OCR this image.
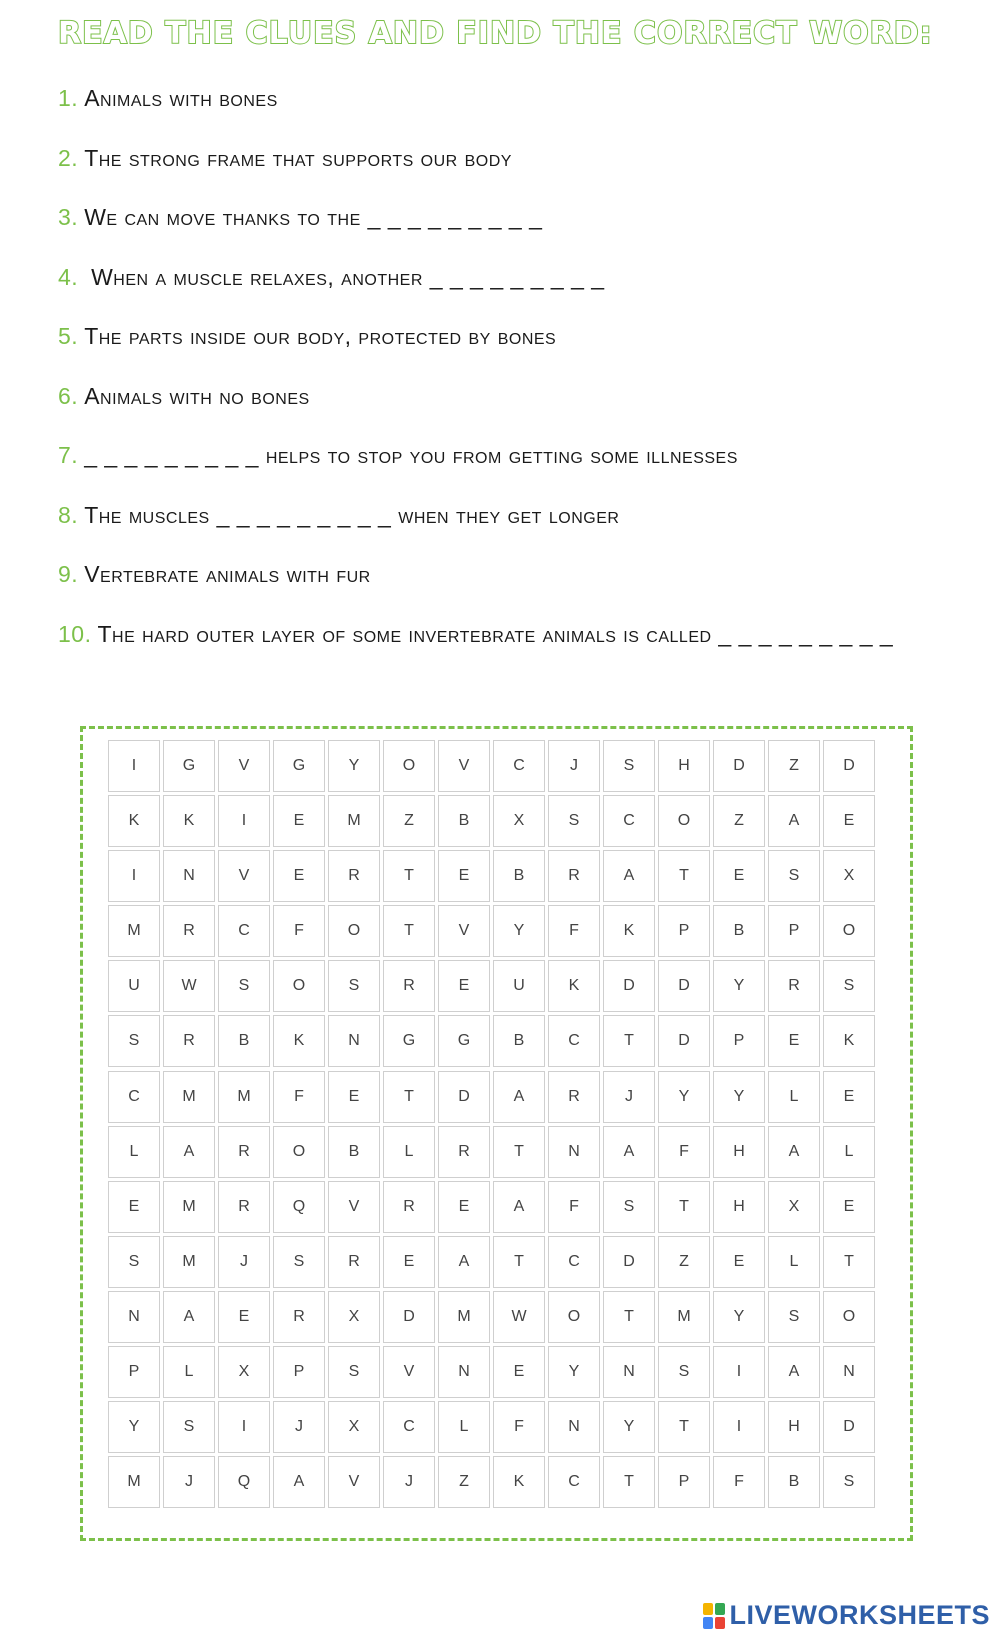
READ THE CLUES AND FIND THE CORRECT WORD:
1. Animals with bones
2. The strong frame that supports our body
3. We can move thanks to the _ _ _ _ _ _ _ _ _
4. When a muscle relaxes, another _ _ _ _ _ _ _ _ _
5. The parts inside our body, protected by bones
6. Animals with no bones
7. _ _ _ _ _ _ _ _ _ helps to stop you from getting some illnesses
8. The muscles _ _ _ _ _ _ _ _ _ when they get longer
9. Vertebrate animals with fur
10. The hard outer layer of some invertebrate animals is called _ _ _ _ _ _ _ _ _
I	G	V	G	Y	O	V	C	J	S	H	D	Z	D
K	K	I	E	M	Z	B	X	S	C	O	Z	A	E
I	N	V	E	R	T	E	B	R	A	T	E	S	X
M	R	C	F	O	T	V	Y	F	K	P	B	P	O
U	W	S	O	S	R	E	U	K	D	D	Y	R	S
S	R	B	K	N	G	G	B	C	T	D	P	E	K
C	M	M	F	E	T	D	A	R	J	Y	Y	L	E
L	A	R	O	B	L	R	T	N	A	F	H	A	L
E	M	R	Q	V	R	E	A	F	S	T	H	X	E
S	M	J	S	R	E	A	T	C	D	Z	E	L	T
N	A	E	R	X	D	M	W	O	T	M	Y	S	O
P	L	X	P	S	V	N	E	Y	N	S	I	A	N
Y	S	I	J	X	C	L	F	N	Y	T	I	H	D
M	J	Q	A	V	J	Z	K	C	T	P	F	B	S
LIVEWORKSHEETS
